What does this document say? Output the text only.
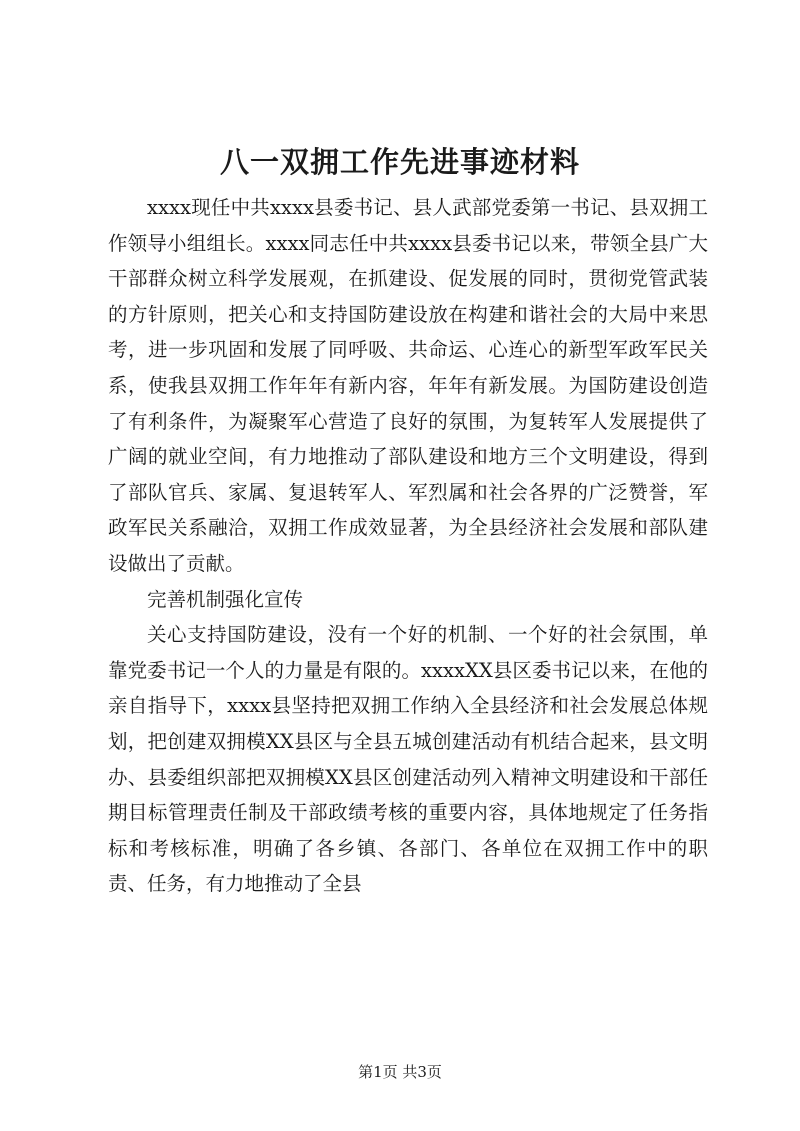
八一双拥工作先进事迹材料

xxxx现任中共xxxx县委书记、县人武部党委第一书记、县双拥工作领导小组组长。xxxx同志任中共xxxx县委书记以来，带领全县广大干部群众树立科学发展观，在抓建设、促发展的同时，贯彻党管武装的方针原则，把关心和支持国防建设放在构建和谐社会的大局中来思考，进一步巩固和发展了同呼吸、共命运、心连心的新型军政军民关系，使我县双拥工作年年有新内容，年年有新发展。为国防建设创造了有利条件，为凝聚军心营造了良好的氛围，为复转军人发展提供了广阔的就业空间，有力地推动了部队建设和地方三个文明建设，得到了部队官兵、家属、复退转军人、军烈属和社会各界的广泛赞誉，军政军民关系融洽，双拥工作成效显著，为全县经济社会发展和部队建设做出了贡献。

完善机制强化宣传

关心支持国防建设，没有一个好的机制、一个好的社会氛围，单靠党委书记一个人的力量是有限的。xxxxXX县区委书记以来，在他的亲自指导下，xxxx县坚持把双拥工作纳入全县经济和社会发展总体规划，把创建双拥模XX县区与全县五城创建活动有机结合起来，县文明办、县委组织部把双拥模XX县区创建活动列入精神文明建设和干部任期目标管理责任制及干部政绩考核的重要内容，具体地规定了任务指标和考核标准，明确了各乡镇、各部门、各单位在双拥工作中的职责、任务，有力地推动了全县

第1页 共3页
